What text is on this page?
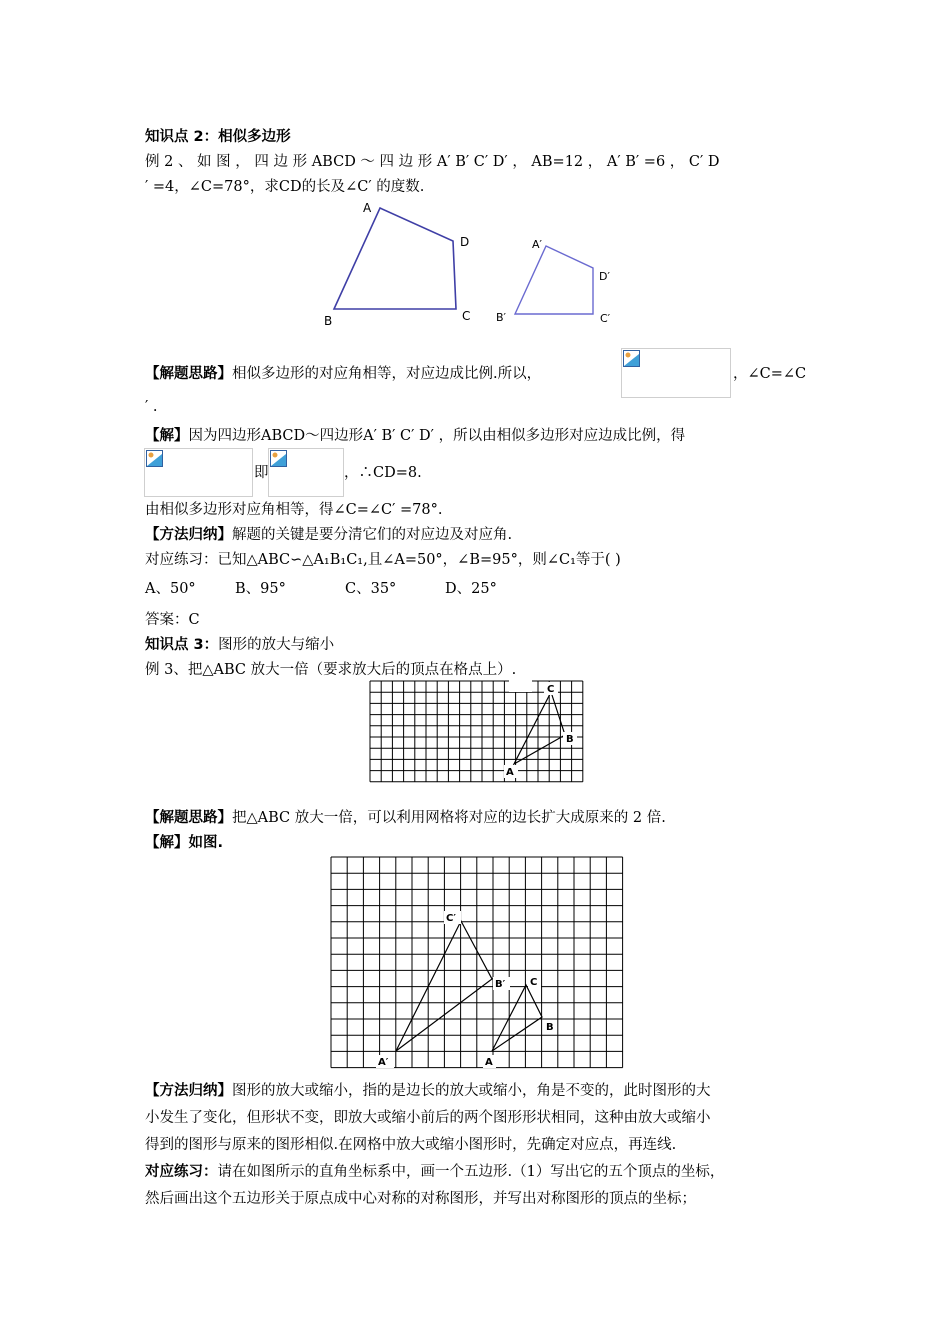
知识点 2：相似多边形
例 2 、 如 图 ， 四 边 形 ABCD ～ 四 边 形 A′ B′ C′ D′ ， AB=12 ， A′ B′ =6 ， C′ D
′ =4，∠C=78°，求CD的长及∠C′ 的度数.
A
D
B	C
A′
D′
B′	C′
【解题思路】相似多边形的对应角相等，对应边成比例.所以，	，∠C=∠C
′ .
【解】因为四边形ABCD～四边形A′ B′ C′ D′ ，所以由相似多边形对应边成比例，得
即	，∴CD=8.
由相似多边形对应角相等，得∠C=∠C′ =78°.
【方法归纳】解题的关键是要分清它们的对应边及对应角.
对应练习：已知△ABC∽△A₁B₁C₁,且∠A=50°，∠B=95°，则∠C₁等于( )
A、50°	B、95°	C、35°	D、25°
答案：C
知识点 3：图形的放大与缩小
例 3、把△ABC 放大一倍（要求放大后的顶点在格点上）.
C
B
A
【解题思路】把△ABC 放大一倍，可以利用网格将对应的边长扩大成原来的 2 倍.
【解】如图.
C′
B′
A′
C
B
A
【方法归纳】图形的放大或缩小，指的是边长的放大或缩小，角是不变的，此时图形的大
小发生了变化，但形状不变，即放大或缩小前后的两个图形形状相同，这种由放大或缩小
得到的图形与原来的图形相似.在网格中放大或缩小图形时，先确定对应点，再连线.
对应练习：请在如图所示的直角坐标系中，画一个五边形.（1）写出它的五个顶点的坐标，
然后画出这个五边形关于原点成中心对称的对称图形，并写出对称图形的顶点的坐标；
